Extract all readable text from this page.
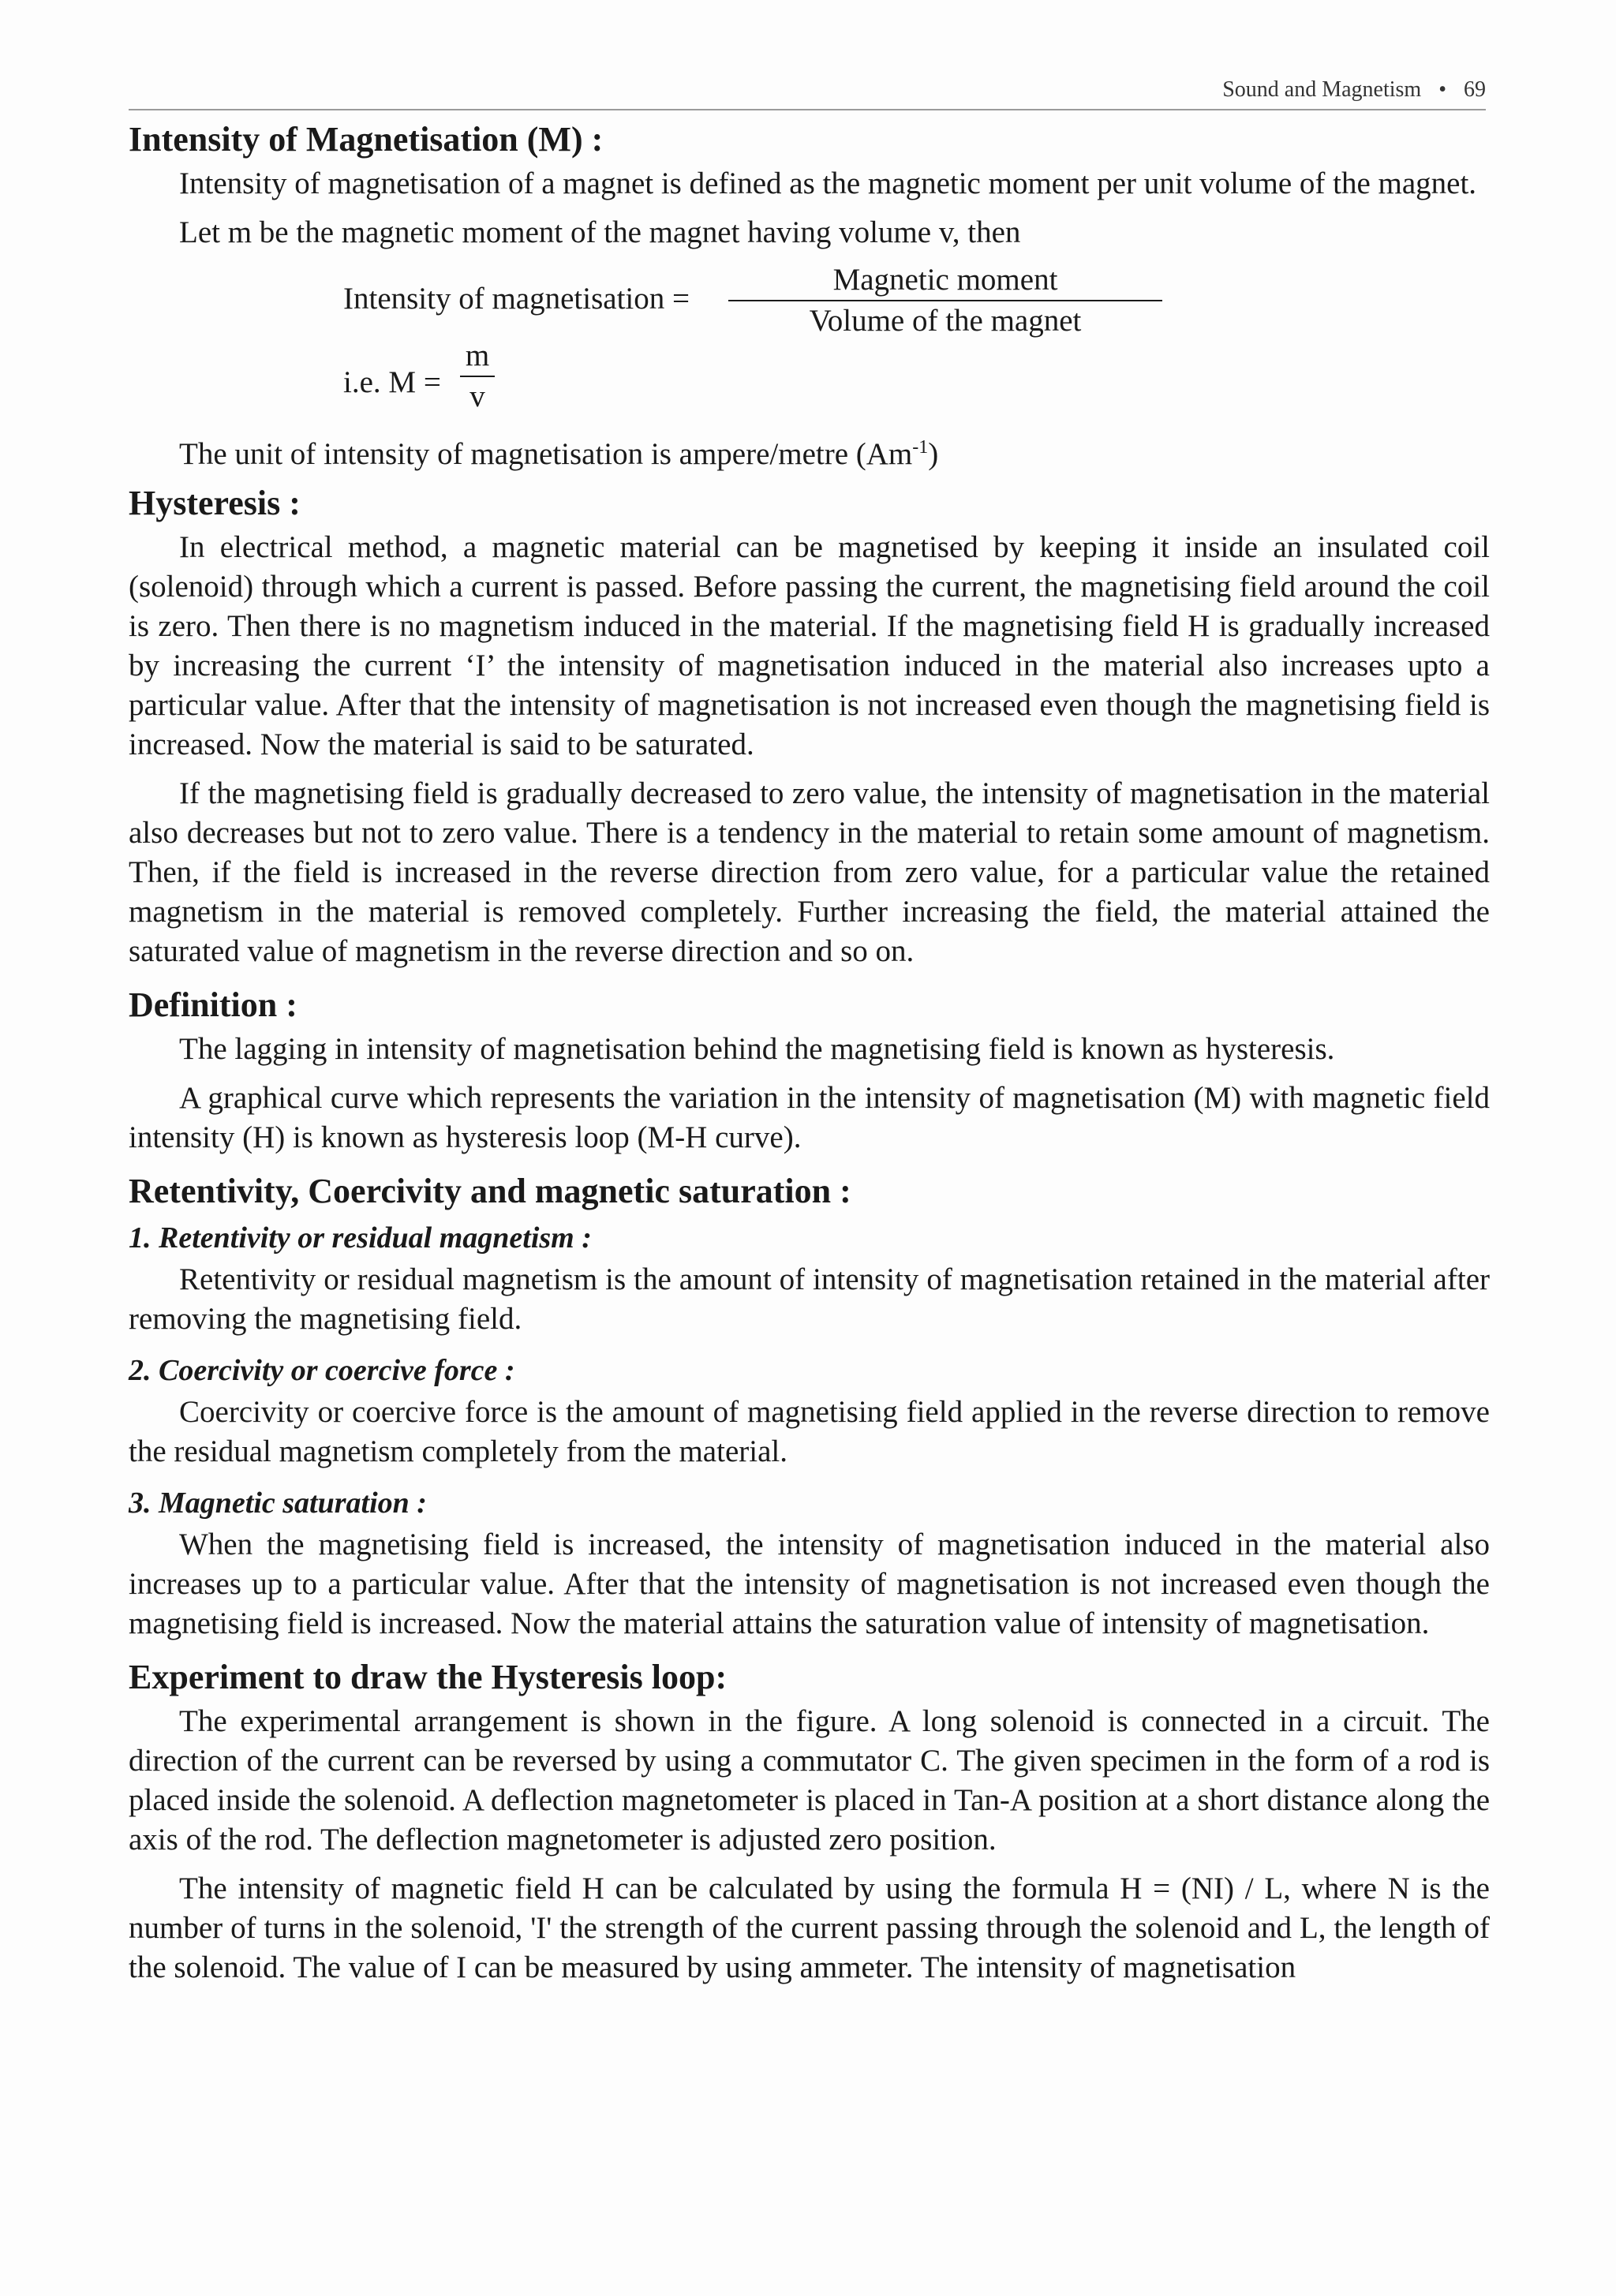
Sound and Magnetism • 69
Intensity of Magnetisation (M) :

Intensity of magnetisation of a magnet is defined as the magnetic moment per unit volume of the magnet.

Let m be the magnetic moment of the magnet having volume v, then

Intensity of magnetisation =
Magnetic moment
Volume of the magnet
i.e. M =
m
v

The unit of intensity of magnetisation is ampere/metre $(Am^{-1})$

Hysteresis :

In electrical method, a magnetic material can be magnetised by keeping it inside an insulated coil (solenoid) through which a current is passed. Before passing the current, the magnetising field around the coil is zero. Then there is no magnetism induced in the material. If the magnetising field H is gradually increased by increasing the current ‘I’ the intensity of magnetisation induced in the material also increases upto a particular value. After that the intensity of magnetisation is not increased even though the magnetising field is increased. Now the material is said to be saturated.

If the magnetising field is gradually decreased to zero value, the intensity of magnetisation in the material also decreases but not to zero value. There is a tendency in the material to retain some amount of magnetism. Then, if the field is increased in the reverse direction from zero value, for a particular value the retained magnetism in the material is removed completely. Further increasing the field, the material attained the saturated value of magnetism in the reverse direction and so on.

Definition :

The lagging in intensity of magnetisation behind the magnetising field is known as hysteresis.

A graphical curve which represents the variation in the intensity of magnetisation (M) with magnetic field intensity (H) is known as hysteresis loop (M-H curve).

Retentivity, Coercivity and magnetic saturation :
1. Retentivity or residual magnetism :

Retentivity or residual magnetism is the amount of intensity of magnetisation retained in the material after removing the magnetising field.

2. Coercivity or coercive force :

Coercivity or coercive force is the amount of magnetising field applied in the reverse direction to remove the residual magnetism completely from the material.

3. Magnetic saturation :

When the magnetising field is increased, the intensity of magnetisation induced in the material also increases up to a particular value. After that the intensity of magnetisation is not increased even though the magnetising field is increased. Now the material attains the saturation value of intensity of magnetisation.

Experiment to draw the Hysteresis loop:

The experimental arrangement is shown in the figure. A long solenoid is connected in a circuit. The direction of the current can be reversed by using a commutator C. The given specimen in the form of a rod is placed inside the solenoid. A deflection magnetometer is placed in Tan-A position at a short distance along the axis of the rod. The deflection magnetometer is adjusted zero position.

The intensity of magnetic field H can be calculated by using the formula H = (NI) / L, where N is the number of turns in the solenoid, 'I' the strength of the current passing through the solenoid and L, the length of the solenoid. The value of I can be measured by using ammeter. The intensity of magnetisation
